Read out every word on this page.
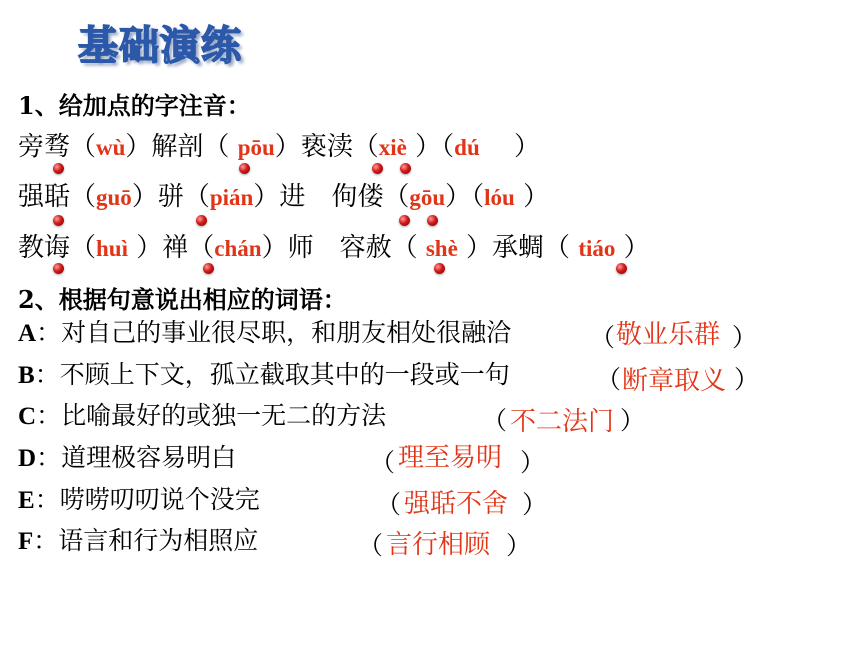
基础演练
1、给加点的字注音：
旁骛（wù）解剖（ pōu）亵渎（xiè ）（dú　 ）
强聒（guō）骈（pián）进　佝偻（gōu）（lóu ）
教诲（huì ）禅（chán）师　容赦（ shè ）承蜩（ tiáo ）
2、根据句意说出相应的词语：
A：对自己的事业很尽职，和朋友相处很融洽	（ 敬业乐群 ）
B：不顾上下文，孤立截取其中的一段或一句	（ 断章取义 ）
C：比喻最好的或独一无二的方法	（ 不二法门 ）
D：道理极容易明白	（ 理至易明 ）
E：唠唠叨叨说个没完	（ 强聒不舍 ）
F：语言和行为相照应	（ 言行相顾 ）
